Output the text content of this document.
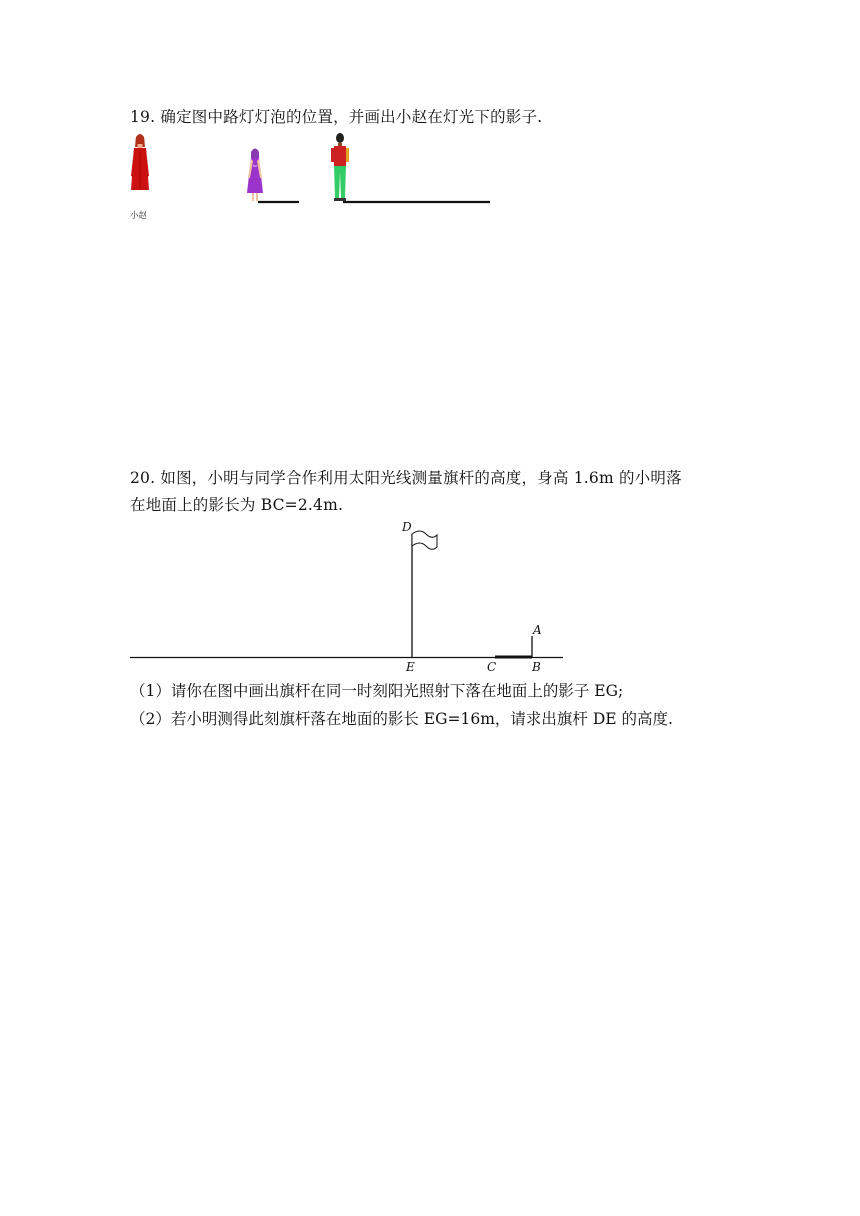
19. 确定图中路灯灯泡的位置，并画出小赵在灯光下的影子.
小赵
20. 如图，小明与同学合作利用太阳光线测量旗杆的高度，身高 1.6m 的小明落
在地面上的影长为 BC=2.4m.
D
A
E	C	B
（1）请你在图中画出旗杆在同一时刻阳光照射下落在地面上的影子 EG;
（2）若小明测得此刻旗杆落在地面的影长 EG=16m，请求出旗杆 DE 的高度.
